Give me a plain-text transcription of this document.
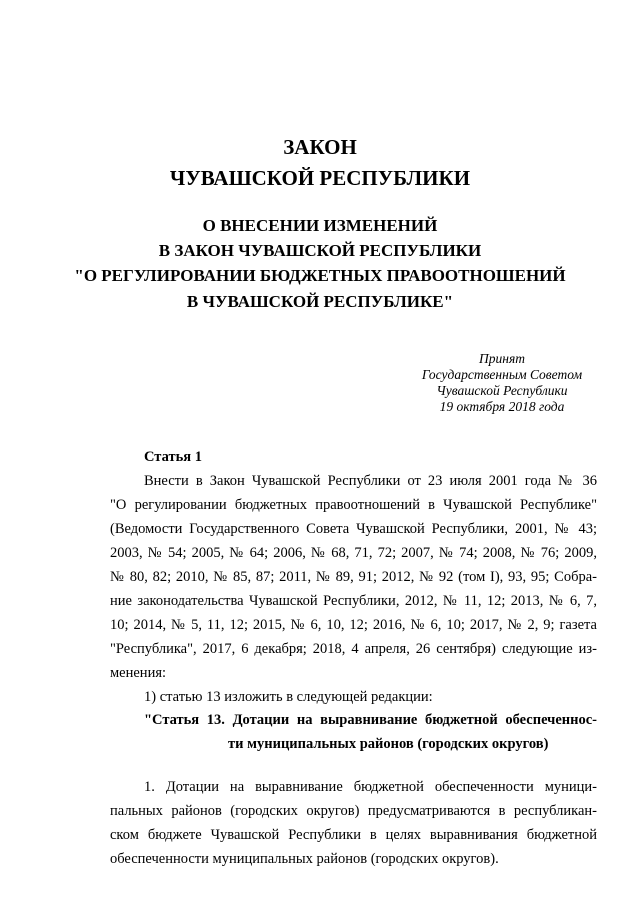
ЗАКОН
ЧУВАШСКОЙ РЕСПУБЛИКИ
О ВНЕСЕНИИ ИЗМЕНЕНИЙ
В ЗАКОН ЧУВАШСКОЙ РЕСПУБЛИКИ
"О РЕГУЛИРОВАНИИ БЮДЖЕТНЫХ ПРАВООТНОШЕНИЙ
В ЧУВАШСКОЙ РЕСПУБЛИКЕ"
Принят
Государственным Советом
Чувашской Республики
19 октября 2018 года
Статья 1
Внести в Закон Чувашской Республики от 23 июля 2001 года № 36
"О регулировании бюджетных правоотношений в Чувашской Республике"
(Ведомости Государственного Совета Чувашской Республики, 2001, № 43;
2003, № 54; 2005, № 64; 2006, № 68, 71, 72; 2007, № 74; 2008, № 76; 2009,
№ 80, 82; 2010, № 85, 87; 2011, № 89, 91; 2012, № 92 (том I), 93, 95; Собра-
ние законодательства Чувашской Республики, 2012, № 11, 12; 2013, № 6, 7,
10; 2014, № 5, 11, 12; 2015, № 6, 10, 12; 2016, № 6, 10; 2017, № 2, 9; газета
"Республика", 2017, 6 декабря; 2018, 4 апреля, 26 сентября) следующие из-
менения:
1) статью 13 изложить в следующей редакции:
"Статья 13. Дотации на выравнивание бюджетной обеспеченнос-
ти муниципальных районов (городских округов)
1. Дотации на выравнивание бюджетной обеспеченности муници-
пальных районов (городских округов) предусматриваются в республикан-
ском бюджете Чувашской Республики в целях выравнивания бюджетной
обеспеченности муниципальных районов (городских округов).
